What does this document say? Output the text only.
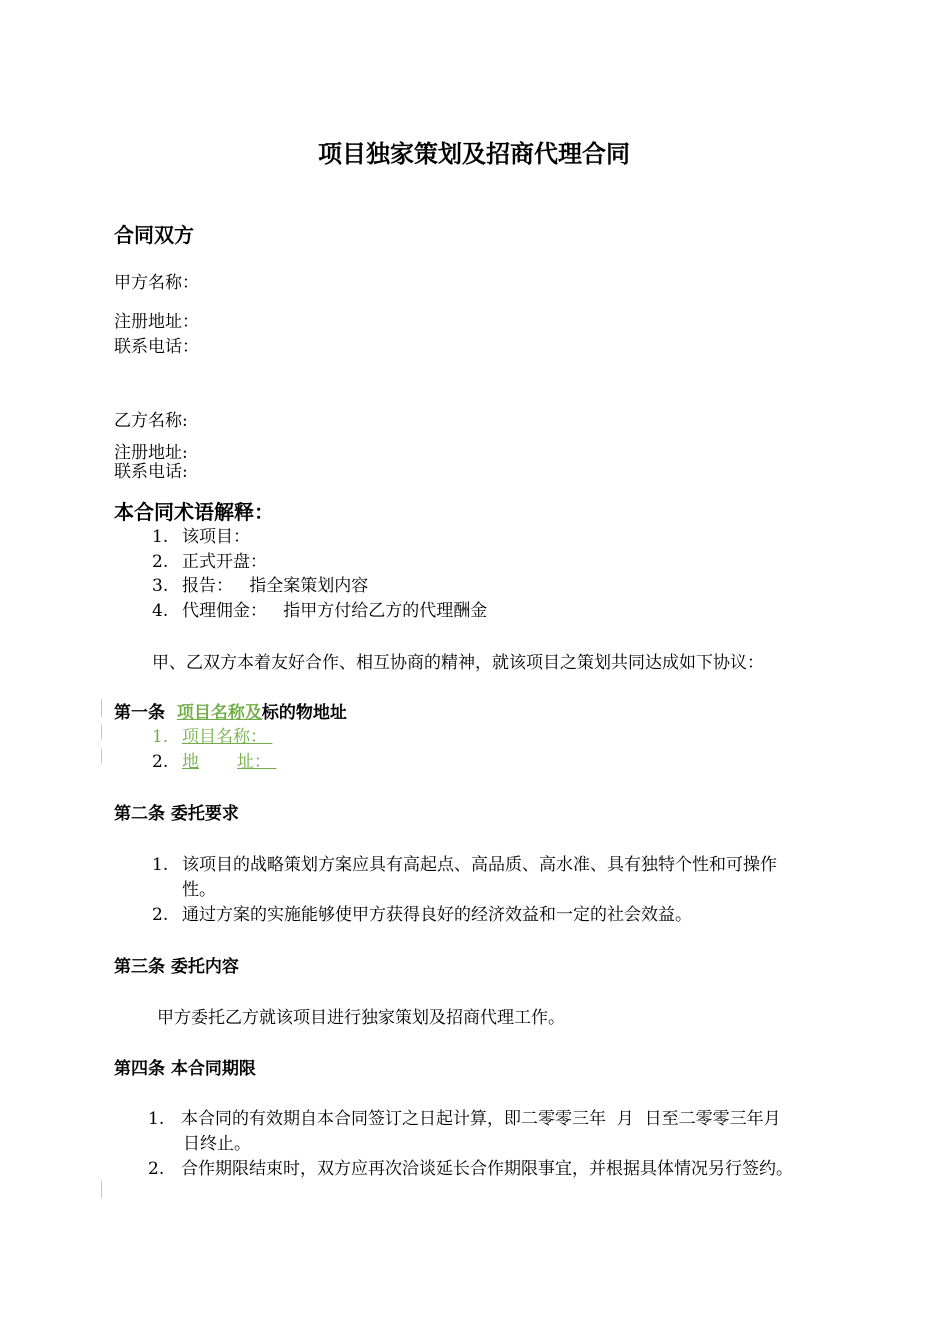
项目独家策划及招商代理合同
合同双方
甲方名称：
注册地址：
联系电话：
乙方名称:
注册地址:
联系电话:
本合同术语解释：
1. 该项目：
2. 正式开盘：
3. 报告：   指全案策划内容
4. 代理佣金：   指甲方付给乙方的代理酬金
甲、乙双方本着友好合作、相互协商的精神，就该项目之策划共同达成如下协议：
第一条 项目名称及标的物地址
1. 项目名称：
2. 地 址：
第二条 委托要求
1. 该项目的战略策划方案应具有高起点、高品质、高水准、具有独特个性和可操作
性。
2. 通过方案的实施能够使甲方获得良好的经济效益和一定的社会效益。
第三条 委托内容
甲方委托乙方就该项目进行独家策划及招商代理工作。
第四条 本合同期限
1. 本合同的有效期自本合同签订之日起计算，即二零零三年  月  日至二零零三年月
日终止。
2. 合作期限结束时，双方应再次洽谈延长合作期限事宜，并根据具体情况另行签约。
